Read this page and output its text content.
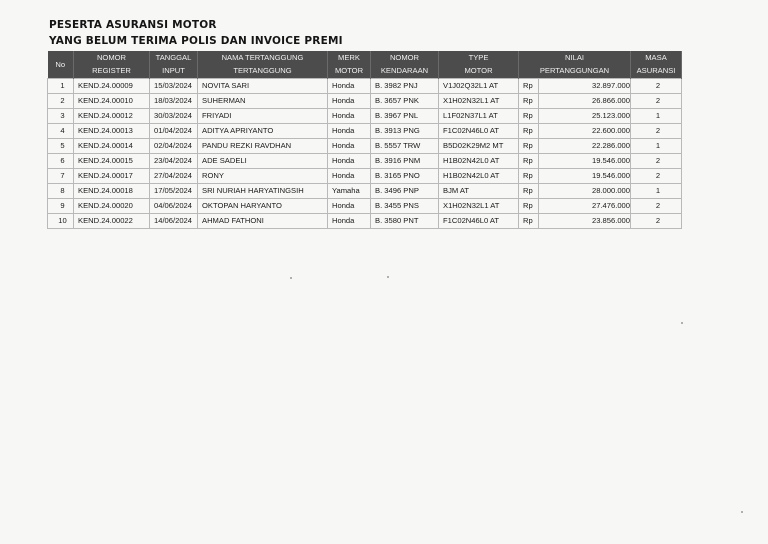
PESERTA ASURANSI MOTOR
YANG BELUM TERIMA POLIS DAN INVOICE PREMI
No	NOMOR	TANGGAL	NAMA TERTANGGUNG	MERK	NOMOR	TYPE	NILAI		MASA
	REGISTER	INPUT	TERTANGGUNG	MOTOR	KENDARAAN	MOTOR	PERTANGGUNGAN		ASURANSI
1	KEND.24.00009	15/03/2024	NOVITA SARI	Honda	B. 3982 PNJ	V1J02Q32L1 AT	Rp	32.897.000	2
2	KEND.24.00010	18/03/2024	SUHERMAN	Honda	B. 3657 PNK	X1H02N32L1 AT	Rp	26.866.000	2
3	KEND.24.00012	30/03/2024	FRIYADI	Honda	B. 3967 PNL	L1F02N37L1 AT	Rp	25.123.000	1
4	KEND.24.00013	01/04/2024	ADITYA APRIYANTO	Honda	B. 3913 PNG	F1C02N46L0 AT	Rp	22.600.000	2
5	KEND.24.00014	02/04/2024	PANDU REZKI RAVDHAN	Honda	B. 5557 TRW	B5D02K29M2 MT	Rp	22.286.000	1
6	KEND.24.00015	23/04/2024	ADE SADELI	Honda	B. 3916 PNM	H1B02N42L0 AT	Rp	19.546.000	2
7	KEND.24.00017	27/04/2024	RONY	Honda	B. 3165 PNO	H1B02N42L0 AT	Rp	19.546.000	2
8	KEND.24.00018	17/05/2024	SRI NURIAH HARYATINGSIH	Yamaha	B. 3496 PNP	BJM AT	Rp	28.000.000	1
9	KEND.24.00020	04/06/2024	OKTOPAN HARYANTO	Honda	B. 3455 PNS	X1H02N32L1 AT	Rp	27.476.000	2
10	KEND.24.00022	14/06/2024	AHMAD FATHONI	Honda	B. 3580 PNT	F1C02N46L0 AT	Rp	23.856.000	2
